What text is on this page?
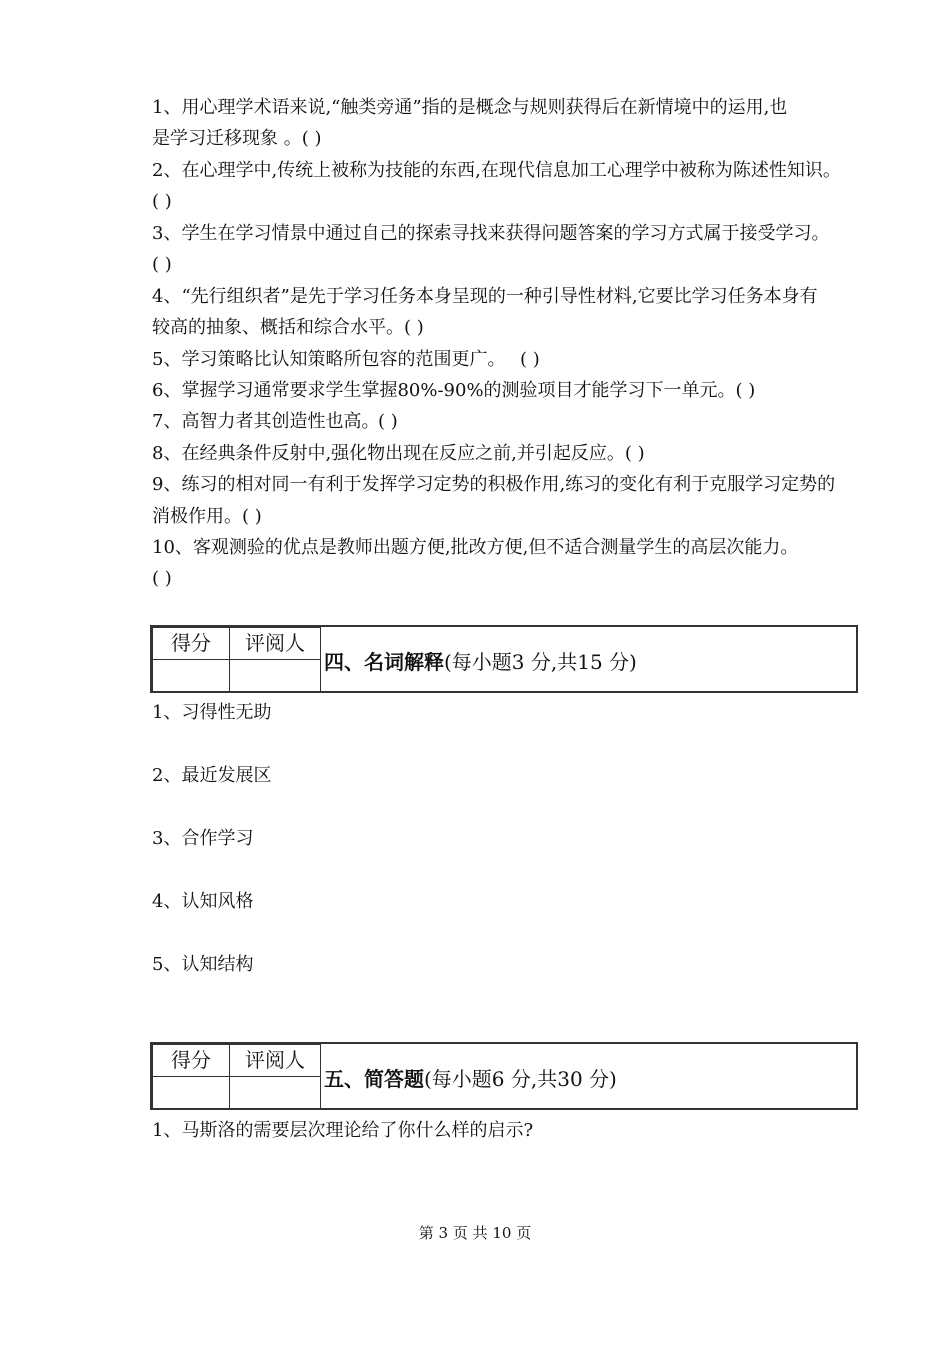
1、用心理学术语来说,“触类旁通”指的是概念与规则获得后在新情境中的运用,也
是学习迁移现象 。( )
2、在心理学中,传统上被称为技能的东西,在现代信息加工心理学中被称为陈述性知识。
( )
3、学生在学习情景中通过自己的探索寻找来获得问题答案的学习方式属于接受学习。
( )
4、“先行组织者”是先于学习任务本身呈现的一种引导性材料,它要比学习任务本身有
较高的抽象、概括和综合水平。( )
5、学习策略比认知策略所包容的范围更广。 ( )
6、掌握学习通常要求学生掌握80%-90%的测验项目才能学习下一单元。( )
7、高智力者其创造性也高。
( )
8、在经典条件反射中,强化物出现在反应之前,并引起反应。( )
9、练习的相对同一有利于发挥学习定势的积极作用,练习的变化有利于克服学习定势的
消极作用。( )
10、客观测验的优点是教师出题方便,批改方便,但不适合测量学生的高层次能力。
( )
得分	评阅人
四、名词解释(每小题3 分,共15 分)
1、习得性无助
2、最近发展区
3、合作学习
4、认知风格
5、认知结构
得分	评阅人
五、简答题(每小题6 分,共30 分)
1、马斯洛的需要层次理论给了你什么样的启示?
第 3 页 共 10 页
